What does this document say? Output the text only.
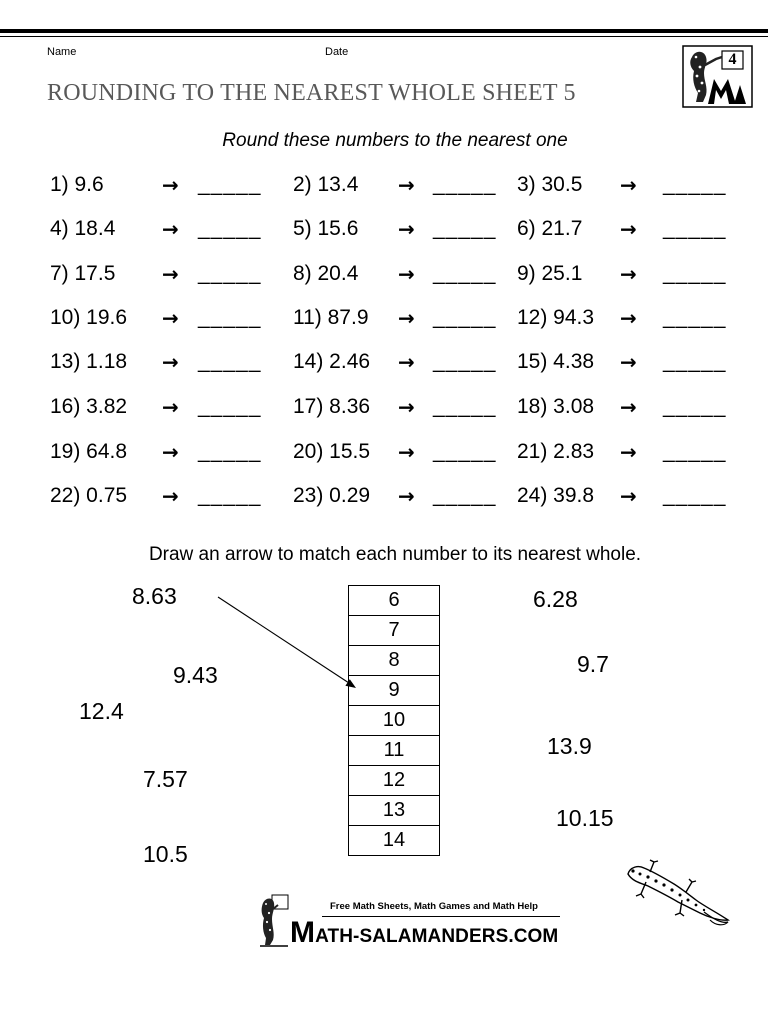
Name	Date
ROUNDING TO THE NEAREST WHOLE SHEET 5
4
Round these numbers to the nearest one
1) 9.6	→ _____ 2) 13.4 → _____ 3) 30.5 → _____
4) 18.4 → _____ 5) 15.6 → _____ 6) 21.7 → _____
7) 17.5 → _____ 8) 20.4 → _____ 9) 25.1 → _____
10) 19.6 → _____ 11) 87.9 → _____ 12) 94.3 → _____
13) 1.18 → _____ 14) 2.46 → _____ 15) 4.38 → _____
16) 3.82 → _____ 17) 8.36 → _____ 18) 3.08 → _____
19) 64.8 → _____ 20) 15.5 → _____ 21) 2.83 → _____
22) 0.75 → _____ 23) 0.29 → _____ 24) 39.8 → _____
Draw an arrow to match each number to its nearest whole.
6
7
8
9
10
11
12
13
14
8.63
9.43
12.4
7.57
10.5
6.28
9.7
13.9
10.15
Free Math Sheets, Math Games and Math Help
MATH-SALAMANDERS.COM
